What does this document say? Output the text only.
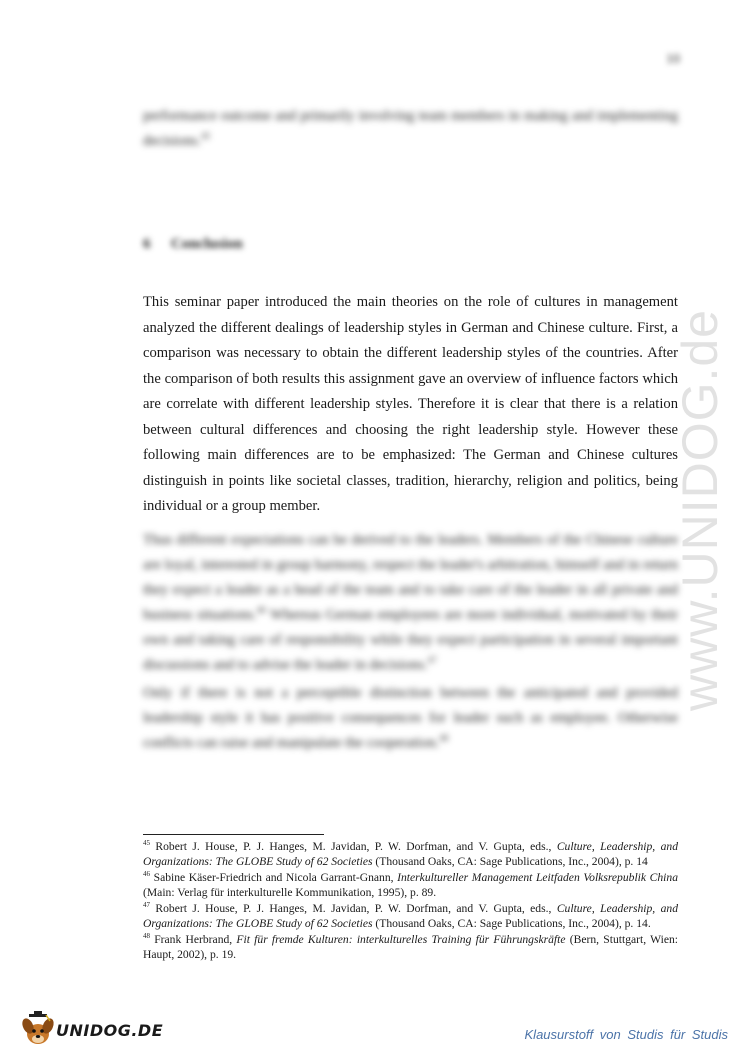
10
performance outcome and primarily involving team members in making and implementing decisions.$^{45}$
6 Conclusion

This seminar paper introduced the main theories on the role of cultures in management analyzed the different dealings of leadership styles in German and Chinese culture. First, a comparison was necessary to obtain the different leadership styles of the countries. After the comparison of both results this assignment gave an overview of influence factors which are correlate with different leadership styles. Therefore it is clear that there is a relation between cultural differences and choosing the right leadership style. However these following main differences are to be emphasized: The German and Chinese cultures distinguish in points like societal classes, tradition, hierarchy, religion and politics, being individual or a group member.

Thus different expectations can be derived to the leaders. Members of the Chinese culture are loyal, interested in group harmony, respect the leader's arbitration, himself and in return they expect a leader as a head of the team and to take care of the leader in all private and business situations.$^{46}$ Whereas German employees are more individual, motivated by their own and taking care of responsibility while they expect participation in several important discussions and to advise the leader in decisions.$^{47}$
Only if there is not a perceptible distinction between the anticipated and provided leadership style it has positive consequences for leader such as employee. Otherwise conflicts can raise and manipulate the cooperation.$^{48}$

$^{45}$ Robert J. House, P. J. Hanges, M. Javidan, P. W. Dorfman, and V. Gupta, eds., Culture, Leadership, and Organizations: The GLOBE Study of 62 Societies (Thousand Oaks, CA: Sage Publications, Inc., 2004), p. 14

$^{46}$ Sabine Käser-Friedrich and Nicola Garrant-Gnann, Interkultureller Management Leitfaden Volksrepublik China (Main: Verlag für interkulturelle Kommunikation, 1995), p. 89.

$^{47}$ Robert J. House, P. J. Hanges, M. Javidan, P. W. Dorfman, and V. Gupta, eds., Culture, Leadership, and Organizations: The GLOBE Study of 62 Societies (Thousand Oaks, CA: Sage Publications, Inc., 2004), p. 14.

$^{48}$ Frank Herbrand, Fit für fremde Kulturen: interkulturelles Training für Führungskräfte (Bern, Stuttgart, Wien: Haupt, 2002), p. 19.

www.UNIDOG.de
UNIDOG.DE	Klausurstoff von Studis für Studis
